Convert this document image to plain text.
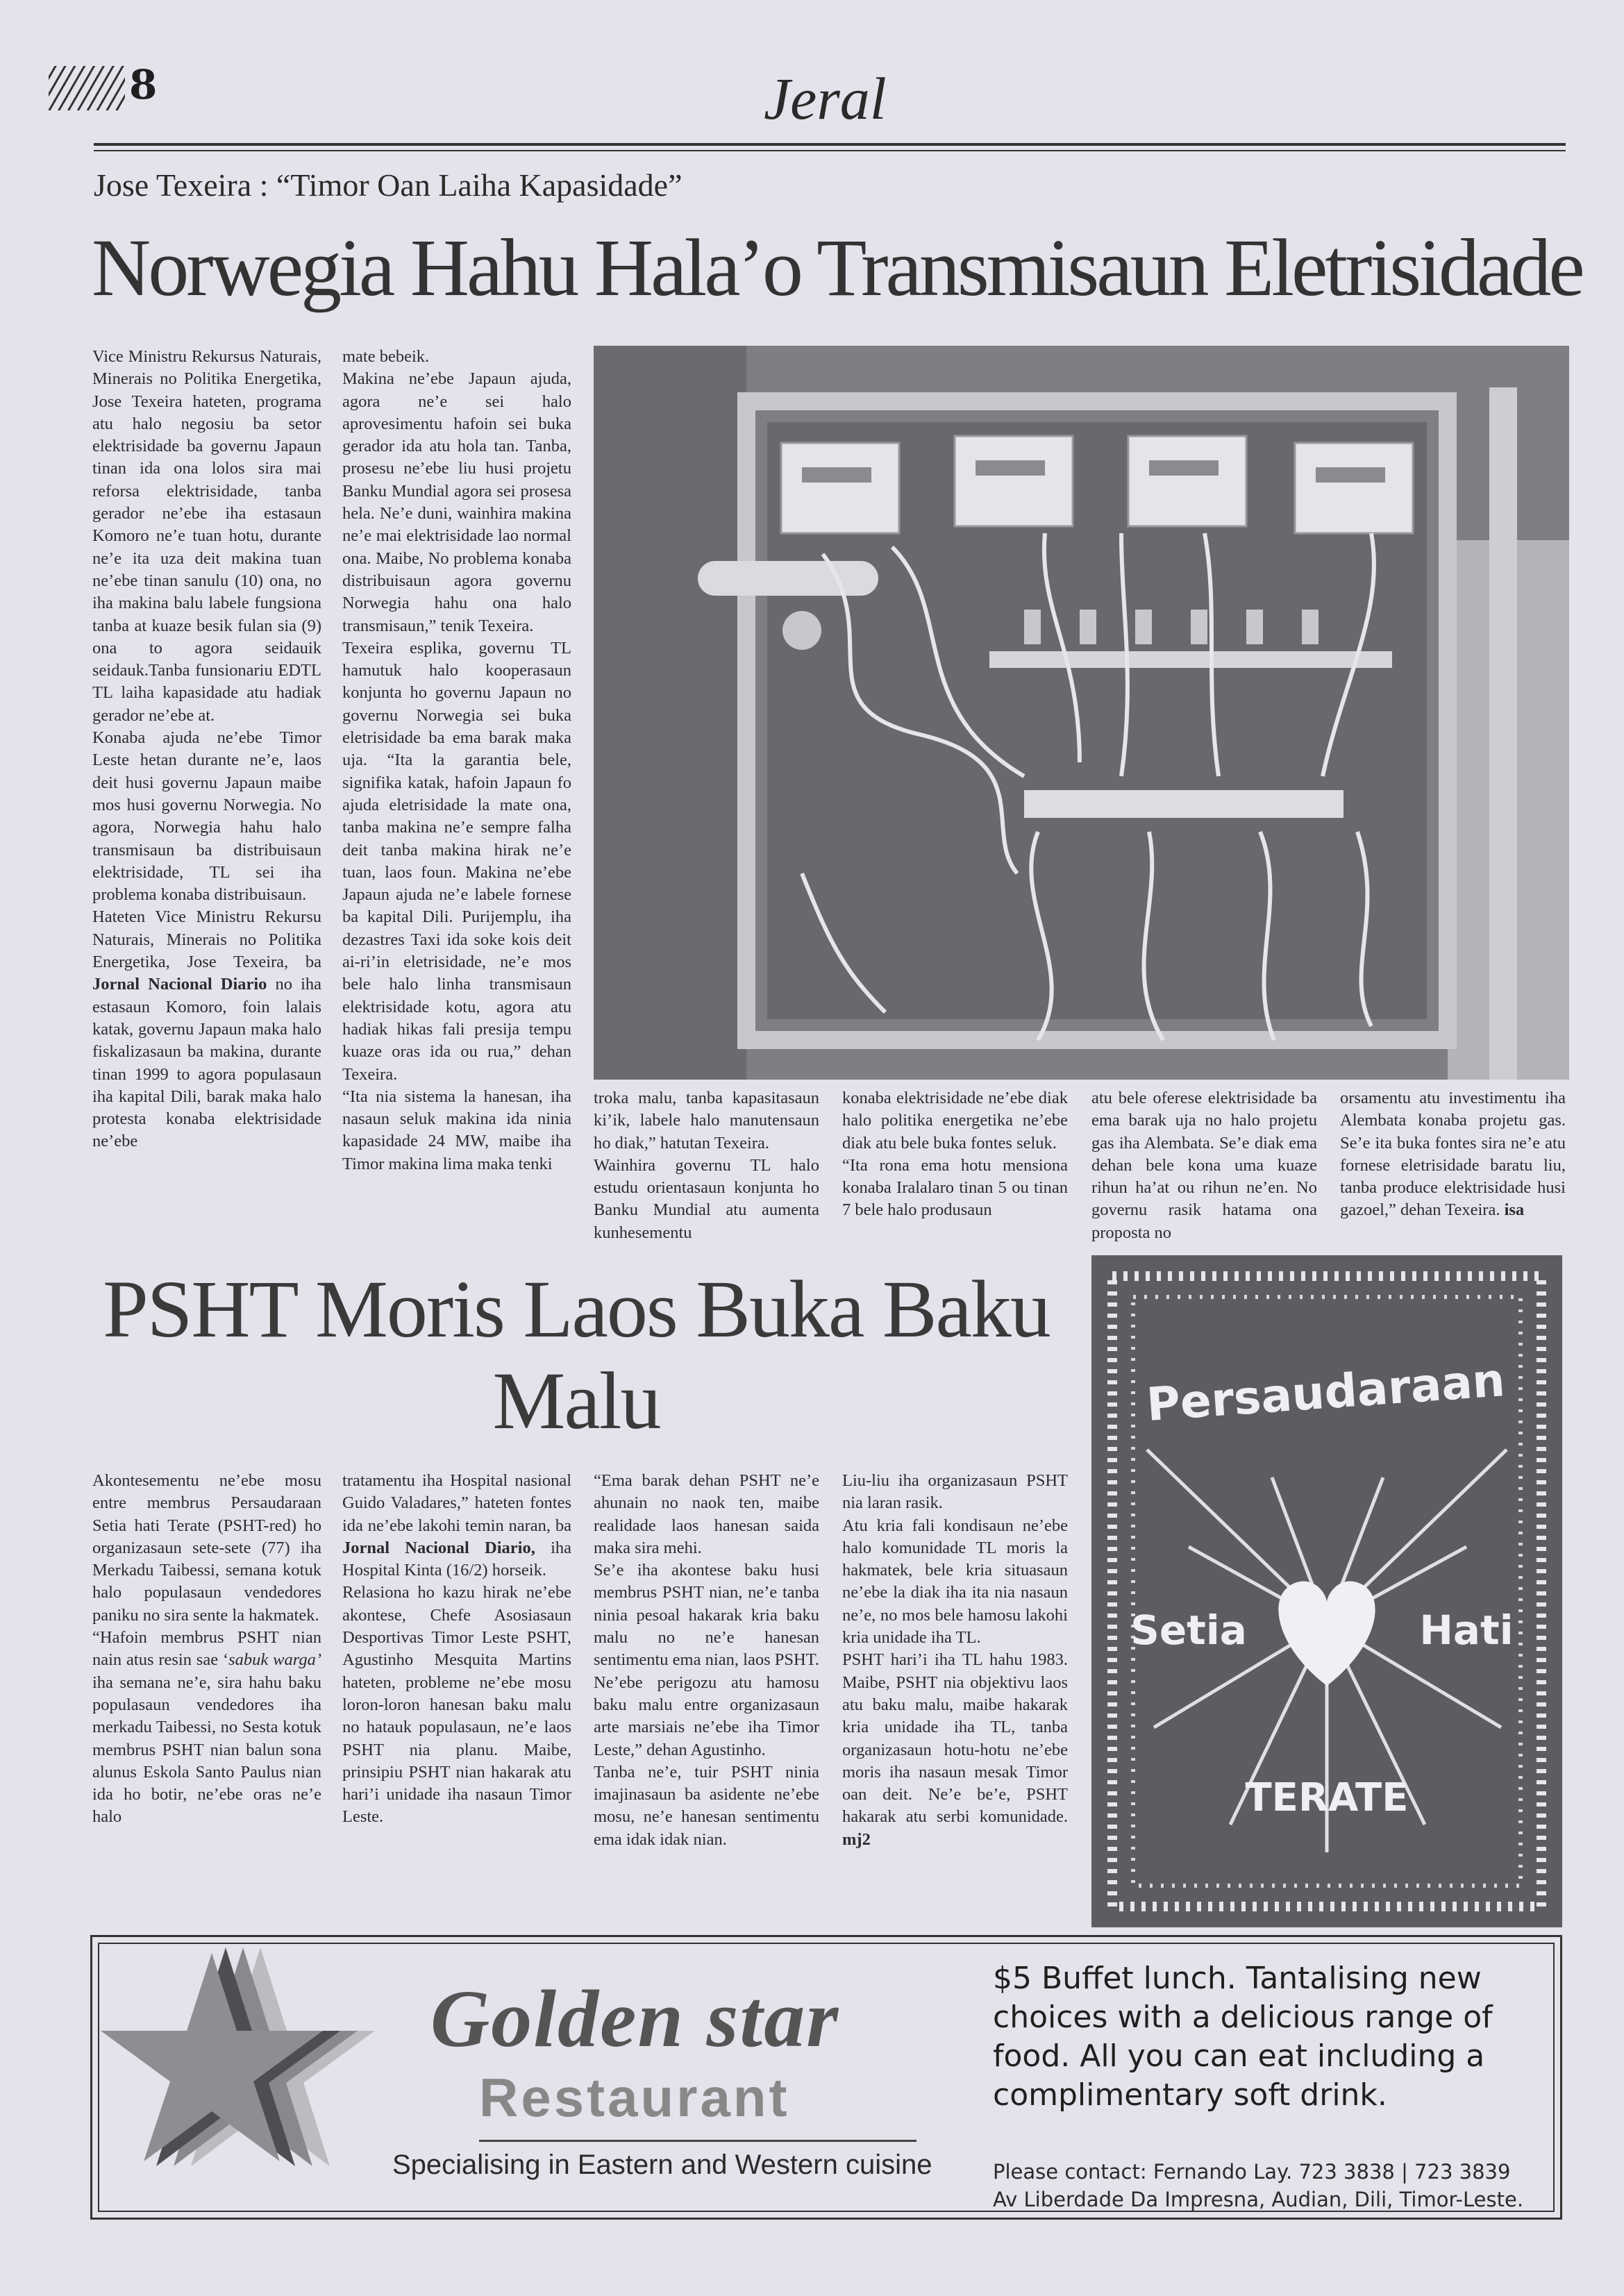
8	Jeral
Jose Texeira : “Timor Oan Laiha Kapasidade”
Norwegia Hahu Hala’o Transmisaun Eletrisidade
Vice Ministru Rekursus Naturais, Minerais no Politika Energetika, Jose Texeira hateten, programa atu halo negosiu ba setor elektrisidade ba governu Japaun tinan ida ona lolos sira mai reforsa elektrisidade, tanba gerador ne’ebe iha estasaun Komoro ne’e tuan hotu, durante ne’e ita uza deit makina tuan ne’ebe tinan sanulu (10) ona, no iha makina balu labele fungsiona tanba at kuaze besik fulan sia (9) ona to agora seidauik seidauk.Tanba funsionariu EDTL TL laiha kapasidade atu hadiak gerador ne’ebe at.
Konaba ajuda ne’ebe Timor Leste hetan durante ne’e, laos deit husi governu Japaun maibe mos husi governu Norwegia. No agora, Norwegia hahu halo transmisaun ba distribuisaun elektrisidade, TL sei iha problema konaba distribuisaun.
Hateten Vice Ministru Rekursu Naturais, Minerais no Politika Energetika, Jose Texeira, ba Jornal Nacional Diario no iha estasaun Komoro, foin lalais katak, governu Japaun maka halo fiskalizasaun ba makina, durante tinan 1999 to agora populasaun iha kapital Dili, barak maka halo protesta konaba elektrisidade ne’ebe
mate bebeik.
Makina ne’ebe Japaun ajuda, agora ne’e sei halo aprovesimentu hafoin sei buka gerador ida atu hola tan. Tanba, prosesu ne’ebe liu husi projetu Banku Mundial agora sei prosesa hela. Ne’e duni, wainhira makina ne’e mai elektrisidade lao normal ona. Maibe, No problema konaba distribuisaun agora governu Norwegia hahu ona halo transmisaun,” tenik Texeira.
Texeira esplika, governu TL hamutuk halo kooperasaun konjunta ho governu Japaun no governu Norwegia sei buka eletrisidade ba ema barak maka uja. “Ita la garantia bele, signifika katak, hafoin Japaun fo ajuda eletrisidade la mate ona, tanba makina ne’e sempre falha deit tanba makina hirak ne’e tuan, laos foun. Makina ne’ebe Japaun ajuda ne’e labele fornese ba kapital Dili. Purijemplu, iha dezastres Taxi ida soke kois deit ai-ri’in eletrisidade, ne’e mos bele halo linha transmisaun elektrisidade kotu, agora atu hadiak hikas fali presija tempu kuaze oras ida ou rua,” dehan Texeira.
“Ita nia sistema la hanesan, iha nasaun seluk makina ida ninia kapasidade 24 MW, maibe iha Timor makina lima maka tenki
troka malu, tanba kapasitasaun ki’ik, labele halo manutensaun ho diak,” hatutan Texeira.
Wainhira governu TL halo estudu orientasaun konjunta ho Banku Mundial atu aumenta kunhesementu
konaba elektrisidade ne’ebe diak halo politika energetika ne’ebe diak atu bele buka fontes seluk.
“Ita rona ema hotu mensiona konaba Iralalaro tinan 5 ou tinan 7 bele halo produsaun
atu bele oferese elektrisidade ba ema barak uja no halo projetu gas iha Alembata. Se’e diak ema dehan bele kona uma kuaze rihun ha’at ou rihun ne’en. No governu rasik hatama ona proposta no
orsamentu atu investimentu iha Alembata konaba projetu gas. Se’e ita buka fontes sira ne’e atu fornese eletrisidade baratu liu, tanba produce elektrisidade husi gazoel,” dehan Texeira. isa
PSHT Moris Laos Buka Baku Malu
Akontesementu ne’ebe mosu entre membrus Persaudaraan Setia hati Terate (PSHT-red) ho organizasaun sete-sete (77) iha Merkadu Taibessi, semana kotuk halo populasaun vendedores paniku no sira sente la hakmatek.
“Hafoin membrus PSHT nian nain atus resin sae ‘sabuk warga’ iha semana ne’e, sira hahu baku populasaun vendedores iha merkadu Taibessi, no Sesta kotuk membrus PSHT nian balun sona alunus Eskola Santo Paulus nian ida ho botir, ne’ebe oras ne’e halo
tratamentu iha Hospital nasional Guido Valadares,” hateten fontes ida ne’ebe lakohi temin naran, ba Jornal Nacional Diario, iha Hospital Kinta (16/2) horseik.
Relasiona ho kazu hirak ne’ebe akontese, Chefe Asosiasaun Desportivas Timor Leste PSHT, Agustinho Mesquita Martins hateten, probleme ne’ebe mosu loron-loron hanesan baku malu no hatauk populasaun, ne’e laos PSHT nia planu. Maibe, prinsipiu PSHT nian hakarak atu hari’i unidade iha nasaun Timor Leste.
“Ema barak dehan PSHT ne’e ahunain no naok ten, maibe realidade laos hanesan saida maka sira mehi.
Se’e iha akontese baku husi membrus PSHT nian, ne’e tanba ninia pesoal hakarak kria baku malu no ne’e hanesan sentimentu ema nian, laos PSHT. Ne’ebe perigozu atu hamosu baku malu entre organizasaun arte marsiais ne’ebe iha Timor Leste,” dehan Agustinho.
Tanba ne’e, tuir PSHT ninia imajinasaun ba asidente ne’ebe mosu, ne’e hanesan sentimentu ema idak idak nian.
Liu-liu iha organizasaun PSHT nia laran rasik.
Atu kria fali kondisaun ne’ebe halo komunidade TL moris la hakmatek, bele kria situasaun ne’ebe la diak iha ita nia nasaun ne’e, no mos bele hamosu lakohi kria unidade iha TL.
PSHT hari’i iha TL hahu 1983. Maibe, PSHT nia objektivu laos atu baku malu, maibe hakarak kria unidade iha TL, tanba organizasaun hotu-hotu ne’ebe moris iha nasaun mesak Timor oan deit. Ne’e be’e, PSHT hakarak atu serbi komunidade. mj2
Persaudaraan
Setia	Hati
TERATE
Golden star
Restaurant
Specialising in Eastern and Western cuisine
$5 Buffet lunch. Tantalising new choices with a delicious range of food. All you can eat including a complimentary soft drink.
Please contact: Fernando Lay. 723 3838 | 723 3839
Av Liberdade Da Impresna, Audian, Dili, Timor-Leste.
